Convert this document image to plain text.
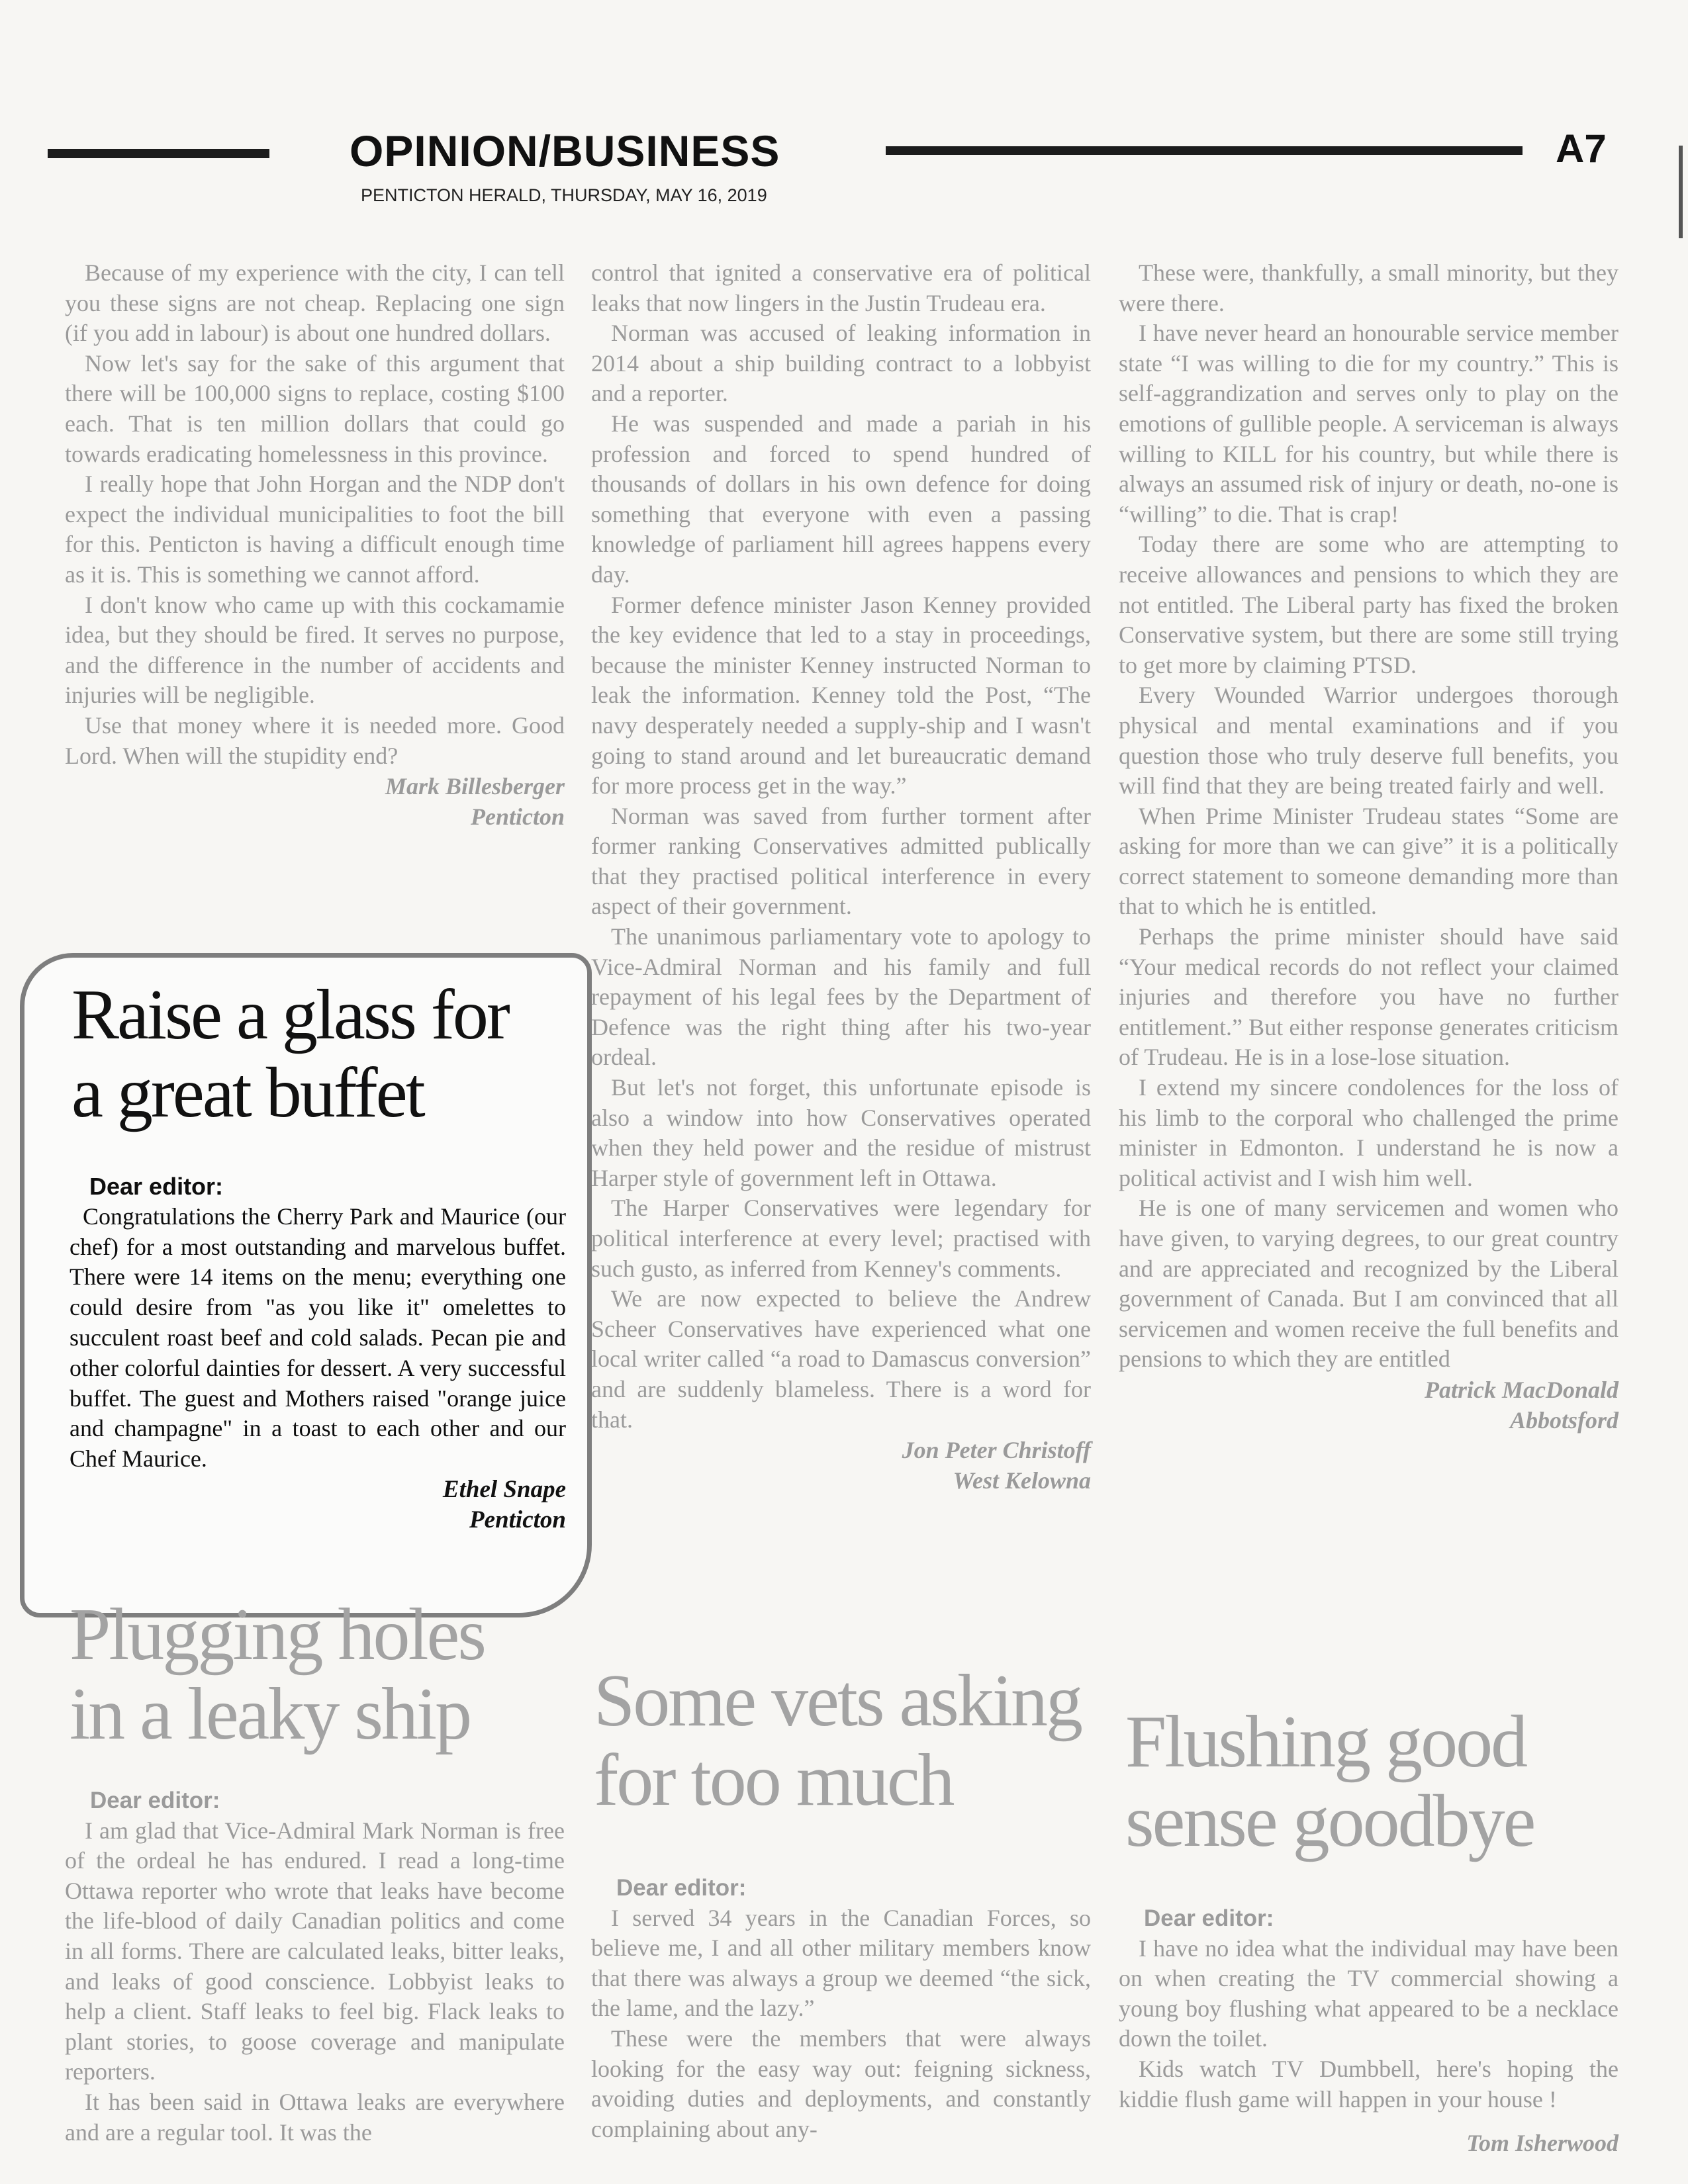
OPINION/BUSINESS
PENTICTON HERALD, THURSDAY, MAY 16, 2019
A7

Because of my experience with the city, I can tell you these signs are not cheap. Replacing one sign (if you add in labour) is about one hundred dollars.

Now let's say for the sake of this argument that there will be 100,000 signs to replace, costing $100 each. That is ten million dollars that could go towards eradicating homelessness in this province.

I really hope that John Horgan and the NDP don't expect the individual municipalities to foot the bill for this. Penticton is having a difficult enough time as it is. This is something we cannot afford.

I don't know who came up with this cockamamie idea, but they should be fired. It serves no purpose, and the difference in the number of accidents and injuries will be negligible.

Use that money where it is needed more. Good Lord. When will the stupidity end?

Mark Billesberger
Penticton
Raise a glass for
a great buffet
Dear editor:

Congratulations the Cherry Park and Maurice (our chef) for a most outstanding and marvelous buffet. There were 14 items on the menu; everything one could desire from "as you like it" omelettes to succulent roast beef and cold salads. Pecan pie and other colorful dainties for dessert. A very successful buffet. The guest and Mothers raised "orange juice and champagne" in a toast to each other and our Chef Maurice.

Ethel Snape
Penticton
Plugging holes
in a leaky ship
Dear editor:

I am glad that Vice-Admiral Mark Norman is free of the ordeal he has endured. I read a long-time Ottawa reporter who wrote that leaks have become the life-blood of daily Canadian politics and come in all forms. There are calculated leaks, bitter leaks, and leaks of good conscience. Lobbyist leaks to help a client. Staff leaks to feel big. Flack leaks to plant stories, to goose coverage and manipulate reporters.

It has been said in Ottawa leaks are everywhere and are a regular tool. It was the

control that ignited a conservative era of political leaks that now lingers in the Justin Trudeau era.

Norman was accused of leaking information in 2014 about a ship building contract to a lobbyist and a reporter.

He was suspended and made a pariah in his profession and forced to spend hundred of thousands of dollars in his own defence for doing something that everyone with even a passing knowledge of parliament hill agrees happens every day.

Former defence minister Jason Kenney provided the key evidence that led to a stay in proceedings, because the minister Kenney instructed Norman to leak the information. Kenney told the Post, “The navy desperately needed a supply-ship and I wasn't going to stand around and let bureaucratic demand for more process get in the way.”

Norman was saved from further torment after former ranking Conservatives admitted publically that they practised political interference in every aspect of their government.

The unanimous parliamentary vote to apology to Vice-Admiral Norman and his family and full repayment of his legal fees by the Department of Defence was the right thing after his two-year ordeal.

But let's not forget, this unfortunate episode is also a window into how Conservatives operated when they held power and the residue of mistrust Harper style of government left in Ottawa.

The Harper Conservatives were legendary for political interference at every level; practised with such gusto, as inferred from Kenney's comments.

We are now expected to believe the Andrew Scheer Conservatives have experienced what one local writer called “a road to Damascus conversion” and are suddenly blameless. There is a word for that.

Jon Peter Christoff
West Kelowna
Some vets asking
for too much
Dear editor:

I served 34 years in the Canadian Forces, so believe me, I and all other military members know that there was always a group we deemed “the sick, the lame, and the lazy.”

These were the members that were always looking for the easy way out: feigning sickness, avoiding duties and deployments, and constantly complaining about any-

These were, thankfully, a small minority, but they were there.

I have never heard an honourable service member state “I was willing to die for my country.” This is self-aggrandization and serves only to play on the emotions of gullible people. A serviceman is always willing to KILL for his country, but while there is always an assumed risk of injury or death, no-one is “willing” to die. That is crap!

Today there are some who are attempting to receive allowances and pensions to which they are not entitled. The Liberal party has fixed the broken Conservative system, but there are some still trying to get more by claiming PTSD.

Every Wounded Warrior undergoes thorough physical and mental examinations and if you question those who truly deserve full benefits, you will find that they are being treated fairly and well.

When Prime Minister Trudeau states “Some are asking for more than we can give” it is a politically correct statement to someone demanding more than that to which he is entitled.

Perhaps the prime minister should have said “Your medical records do not reflect your claimed injuries and therefore you have no further entitlement.” But either response generates criticism of Trudeau. He is in a lose-lose situation.

I extend my sincere condolences for the loss of his limb to the corporal who challenged the prime minister in Edmonton. I understand he is now a political activist and I wish him well.

He is one of many servicemen and women who have given, to varying degrees, to our great country and are appreciated and recognized by the Liberal government of Canada. But I am convinced that all servicemen and women receive the full benefits and pensions to which they are entitled

Patrick MacDonald
Abbotsford
Flushing good
sense goodbye
Dear editor:

I have no idea what the individual may have been on when creating the TV commercial showing a young boy flushing what appeared to be a necklace down the toilet.

Kids watch TV Dumbbell, here's hoping the kiddie flush game will happen in your house !

Tom Isherwood
